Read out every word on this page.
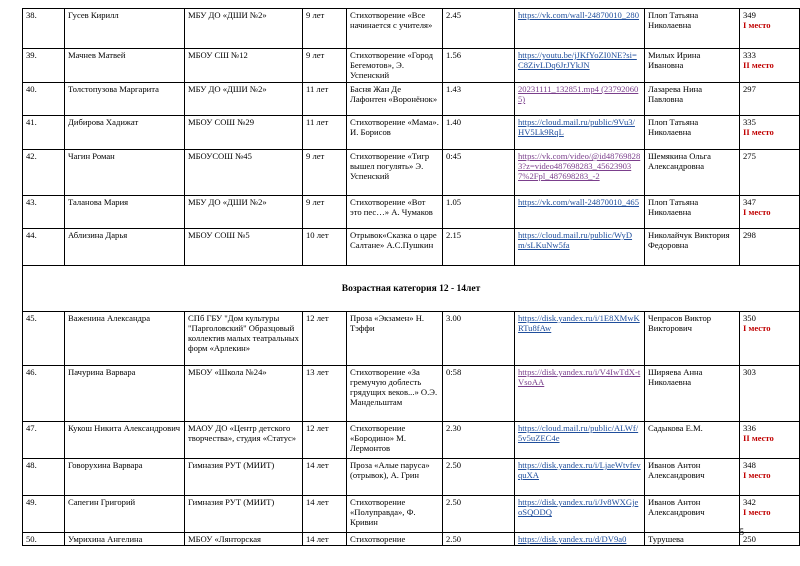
38.	Гусев Кирилл	МБУ ДО «ДШИ №2»	9 лет	Стихотворение «Все начинается с учителя»	2.45	https://vk.com/wall-24870010_280	Плоп Татьяна Николаевна	349
I место

39.	Мачнев Матвей	МБОУ СШ №12	9 лет	Стихотворение «Город Бегемотов», Э. Успенский	1.56	https://youtu.be/jJKfYoZI0NE?si=C8ZivLDq6JrJYkJN	Милых Ирина Ивановна	333
II место

40.	Толстопузова Маргарита	МБУ ДО «ДШИ №2»	11 лет	Басня Жан Де Лафонтен «Воронёнок»	1.43	20231111_132851.mp4 (237920605)	Лазарева Нина Павловна	297

41.	Дибирова Хадижат	МБОУ СОШ №29	11 лет	Стихотворение «Мама». И. Борисов	1.40	https://cloud.mail.ru/public/9Vu3/HV5Lk9RqL	Плоп Татьяна Николаевна	335
II место

42.	Чагин Роман	МБОУСОШ №45	9 лет	Стихотворение «Тигр вышел погулять» Э. Успенский	0:45	https://vk.com/video/@id487698283?z=video487698283_456239037%2Fpl_487698283_-2	Шемякина Ольга Александровна	275

43.	Таланова Мария	МБУ ДО «ДШИ №2»	9 лет	Стихотворение «Вот это пес…» А. Чумаков	1.05	https://vk.com/wall-24870010_465	Плоп Татьяна Николаевна	347
I место

44.	Аблизина Дарья	МБОУ СОШ №5	10 лет	Отрывок«Сказка о царе Салтане» А.С.Пушкин	2.15	https://cloud.mail.ru/public/WyDm/sLKuNw5fa	Николайчук Виктория Федоровна	298

Возрастная категория 12 - 14лет								
45.	Важенина Александра	СПб ГБУ "Дом культуры "Парголовский" Образцовый коллектив малых театральных форм «Арлекин»	12 лет	Проза «Экзамен» Н. Тэффи	3.00	https://disk.yandex.ru/i/1E8XMwKRTu8fAw	Чепрасов Виктор Викторович	350
I место

46.	Пачурина Варвара	МБОУ «Школа №24»	13 лет	Стихотворение «За гремучую доблесть грядущих веков...» О.Э. Мандельштам	0:58	https://disk.yandex.ru/i/V4IwTdX-tVsoAA	Ширяева Анна Николаевна	303

47.	Кукош Никита Александрович	МАОУ ДО «Центр детского творчества», студия «Статус»	12 лет	Стихотворение «Бородино» М. Лермонтов	2.30	https://cloud.mail.ru/public/ALWf/5v5uZEC4e	Садыкова Е.М.	336
II место

48.	Говорухина Варвара	Гимназия РУТ (МИИТ)	14 лет	Проза «Алые паруса» (отрывок), А. Грин	2.50	https://disk.yandex.ru/i/LjaeWtvfevquXA	Иванов Антон Александрович	348
I место

49.	Сапегин Григорий	Гимназия РУТ (МИИТ)	14 лет	Стихотворение «Полуправда», Ф. Кривин	2.50	https://disk.yandex.ru/i/Jv8WXGjeoSQODQ	Иванов Антон Александрович	342
I место

50.	Умрихина Ангелина	МБОУ «Лянторская	14 лет	Стихотворение	2.50	https://disk.yandex.ru/d/DV9a0	Турушева	250
5
